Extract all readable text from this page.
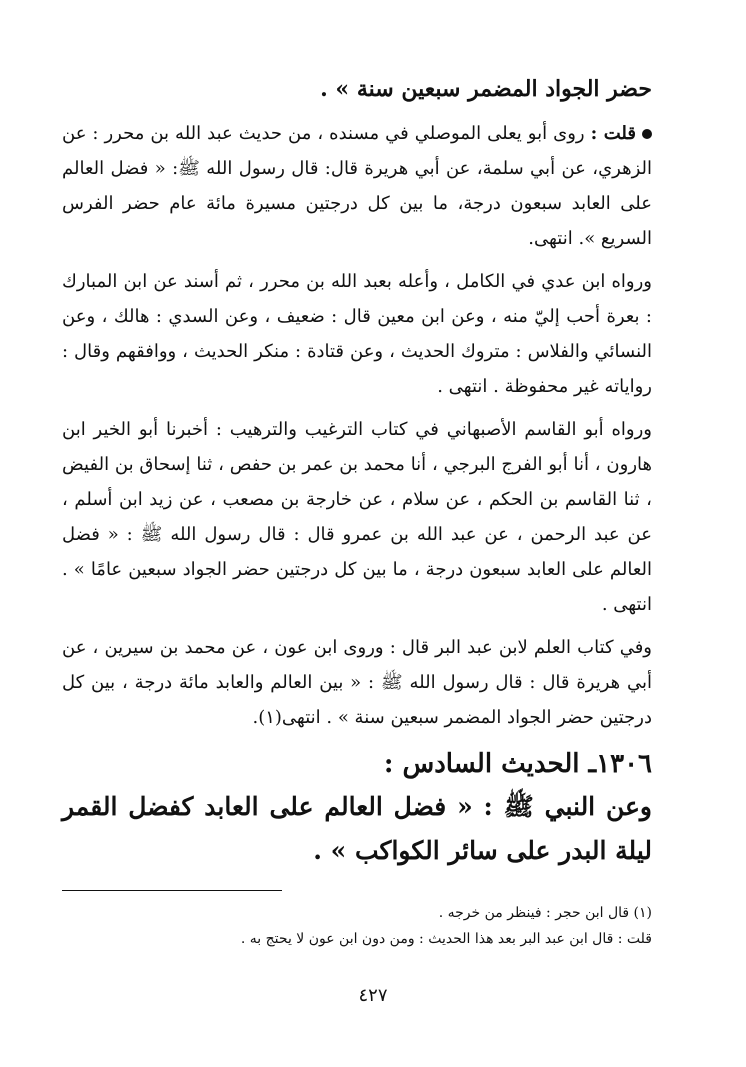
حضر الجواد المضمر سبعين سنة » .

قلت : روى أبو يعلى الموصلي في مسنده ، من حديث عبد الله بن محرر : عن الزهري، عن أبي سلمة، عن أبي هريرة قال: قال رسول الله ﷺ: « فضل العالم على العابد سبعون درجة، ما بين كل درجتين مسيرة مائة عام حضر الفرس السريع ». انتهى.

ورواه ابن عدي في الكامل ، وأعله بعبد الله بن محرر ، ثم أسند عن ابن المبارك : بعرة أحب إليّ منه ، وعن ابن معين قال : ضعيف ، وعن السدي : هالك ، وعن النسائي والفلاس : متروك الحديث ، وعن قتادة : منكر الحديث ، ووافقهم وقال : رواياته غير محفوظة . انتهى .

ورواه أبو القاسم الأصبهاني في كتاب الترغيب والترهيب : أخبرنا أبو الخير ابن هارون ، أنا أبو الفرج البرجي ، أنا محمد بن عمر بن حفص ، ثنا إسحاق بن الفيض ، ثنا القاسم بن الحكم ، عن سلام ، عن خارجة بن مصعب ، عن زيد ابن أسلم ، عن عبد الرحمن ، عن عبد الله بن عمرو قال : قال رسول الله ﷺ : « فضل العالم على العابد سبعون درجة ، ما بين كل درجتين حضر الجواد سبعين عامًا » . انتهى .

وفي كتاب العلم لابن عبد البر قال : وروى ابن عون ، عن محمد بن سيرين ، عن أبي هريرة قال : قال رسول الله ﷺ : « بين العالم والعابد مائة درجة ، بين كل درجتين حضر الجواد المضمر سبعين سنة » . انتهى(١).

١٣٠٦ـ الحديث السادس :

وعن النبي ﷺ : « فضل العالم على العابد كفضل القمر ليلة البدر على سائر الكواكب » .

(١) قال ابن حجر : فينظر من خرجه .
قلت : قال ابن عبد البر بعد هذا الحديث : ومن دون ابن عون لا يحتج به .
٤٢٧
